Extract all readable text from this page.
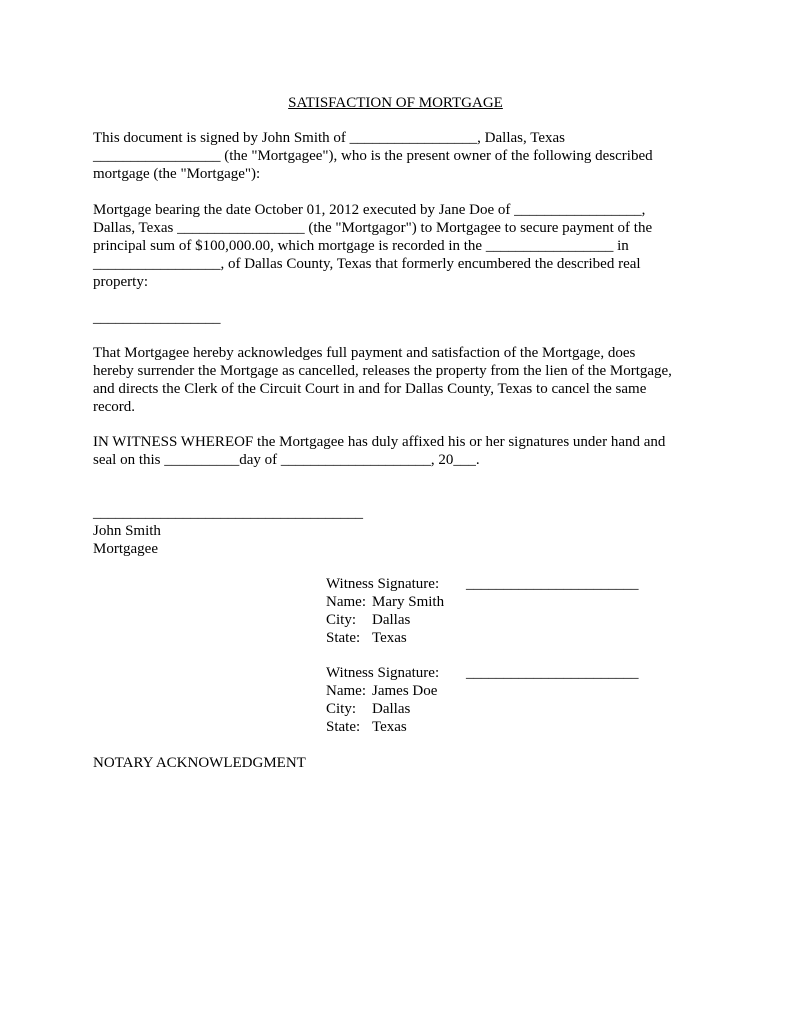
SATISFACTION OF MORTGAGE
This document is signed by John Smith of _________________, Dallas, Texas
_________________ (the "Mortgagee"), who is the present owner of the following described
mortgage (the "Mortgage"):
Mortgage bearing the date October 01, 2012 executed by Jane Doe of _________________,
Dallas, Texas _________________ (the "Mortgagor") to Mortgagee to secure payment of the
principal sum of $100,000.00, which mortgage is recorded in the _________________ in
_________________, of Dallas County, Texas that formerly encumbered the described real
property:
_________________
That Mortgagee hereby acknowledges full payment and satisfaction of the Mortgage, does
hereby surrender the Mortgage as cancelled, releases the property from the lien of the Mortgage,
and directs the Clerk of the Circuit Court in and for Dallas County, Texas to cancel the same
record.
IN WITNESS WHEREOF the Mortgagee has duly affixed his or her signatures under hand and
seal on this __________day of ____________________, 20___.
____________________________________
John Smith
Mortgagee
Witness Signature: _______________________
Name: Mary Smith
City: Dallas
State: Texas
Witness Signature: _______________________
Name: James Doe
City: Dallas
State: Texas
NOTARY ACKNOWLEDGMENT
